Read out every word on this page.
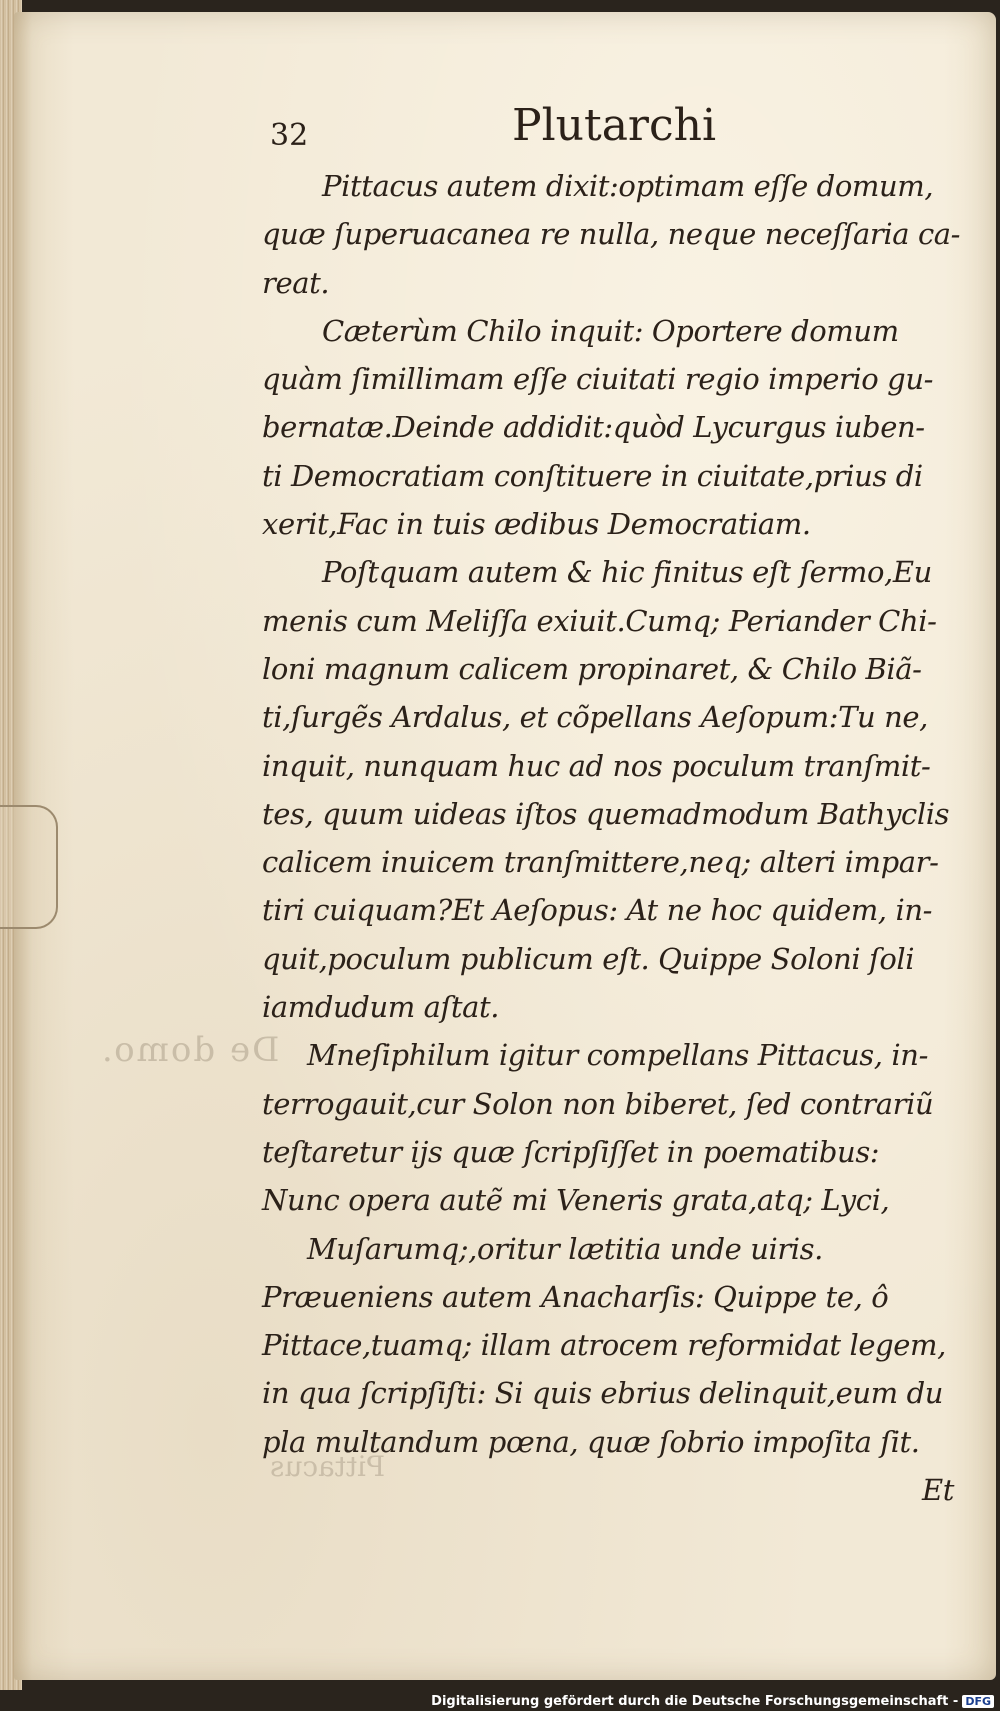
De domo.
Pittacus
32	Plutarchi
Pittacus autem dixit:optimam eſſe domum,
quæ ſuperuacanea re nulla, neque neceſſaria ca-
reat.
Cæterùm Chilo inquit: Oportere domum
quàm ſimillimam eſſe ciuitati regio imperio gu-
bernatæ.Deinde addidit:quòd Lycurgus iuben-
ti Democratiam conſtituere in ciuitate,prius di
xerit,Fac in tuis ædibus Democratiam.
Poſtquam autem & hic finitus eſt ſermo,Eu
menis cum Meliſſa exiuit.Cumq; Periander Chi-
loni magnum calicem propinaret, & Chilo Biã-
ti,ſurgẽs Ardalus, et cõpellans Aeſopum:Tu ne,
inquit, nunquam huc ad nos poculum tranſmit-
tes, quum uideas iſtos quemadmodum Bathyclis
calicem inuicem tranſmittere,neq; alteri impar-
tiri cuiquam?Et Aeſopus: At ne hoc quidem, in-
quit,poculum publicum eſt. Quippe Soloni ſoli
iamdudum aſtat.
Mneſiphilum igitur compellans Pittacus, in-
terrogauit,cur Solon non biberet, ſed contrariũ
teſtaretur ijs quæ ſcripſiſſet in poematibus:
Nunc opera autẽ mi Veneris grata,atq; Lyci,
Muſarumq;,oritur lætitia unde uiris.
Præueniens autem Anacharſis: Quippe te, ô
Pittace,tuamq; illam atrocem reformidat legem,
in qua ſcripſiſti: Si quis ebrius delinquit,eum du
pla multandum pœna, quæ ſobrio impoſita ſit.
Et
Digitalisierung gefördert durch die Deutsche Forschungsgemeinschaft - DFG
